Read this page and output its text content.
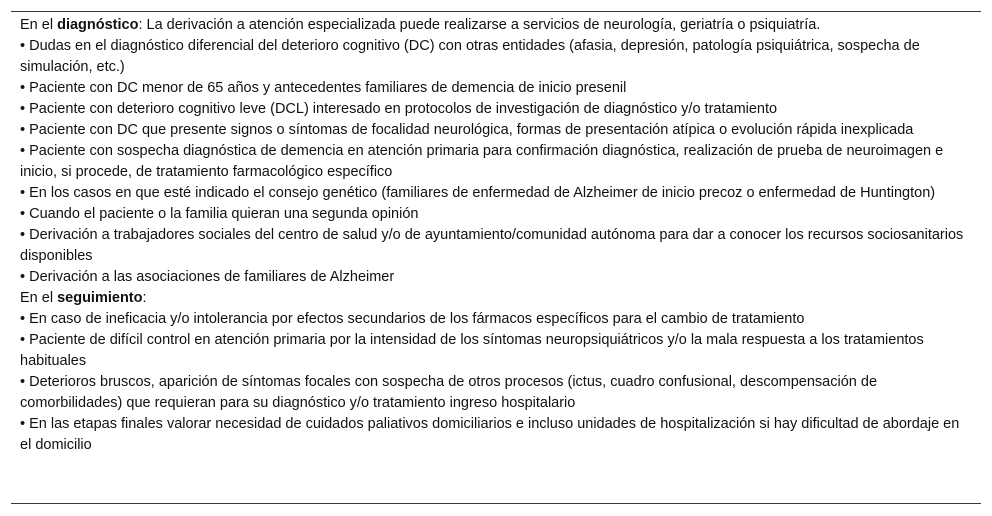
En el diagnóstico: La derivación a atención especializada puede realizarse a servicios de neurología, geriatría o psiquiatría.

• Dudas en el diagnóstico diferencial del deterioro cognitivo (DC) con otras entidades (afasia, depresión, patología psiquiátrica, sospecha de simulación, etc.)

• Paciente con DC menor de 65 años y antecedentes familiares de demencia de inicio presenil

• Paciente con deterioro cognitivo leve (DCL) interesado en protocolos de investigación de diagnóstico y/o tratamiento

• Paciente con DC que presente signos o síntomas de focalidad neurológica, formas de presentación atípica o evolución rápida inexplicada

• Paciente con sospecha diagnóstica de demencia en atención primaria para confirmación diagnóstica, realización de prueba de neuroimagen e inicio, si procede, de tratamiento farmacológico específico

• En los casos en que esté indicado el consejo genético (familiares de enfermedad de Alzheimer de inicio precoz o enfermedad de Huntington)

• Cuando el paciente o la familia quieran una segunda opinión

• Derivación a trabajadores sociales del centro de salud y/o de ayuntamiento/comunidad autónoma para dar a conocer los recursos sociosanitarios disponibles

• Derivación a las asociaciones de familiares de Alzheimer

En el seguimiento:

• En caso de ineficacia y/o intolerancia por efectos secundarios de los fármacos específicos para el cambio de tratamiento

• Paciente de difícil control en atención primaria por la intensidad de los síntomas neuropsiquiátricos y/o la mala respuesta a los tratamientos habituales

• Deterioros bruscos, aparición de síntomas focales con sospecha de otros procesos (ictus, cuadro confusional, descompensación de comorbilidades) que requieran para su diagnóstico y/o tratamiento ingreso hospitalario

• En las etapas finales valorar necesidad de cuidados paliativos domiciliarios e incluso unidades de hospitalización si hay dificultad de abordaje en el domicilio
